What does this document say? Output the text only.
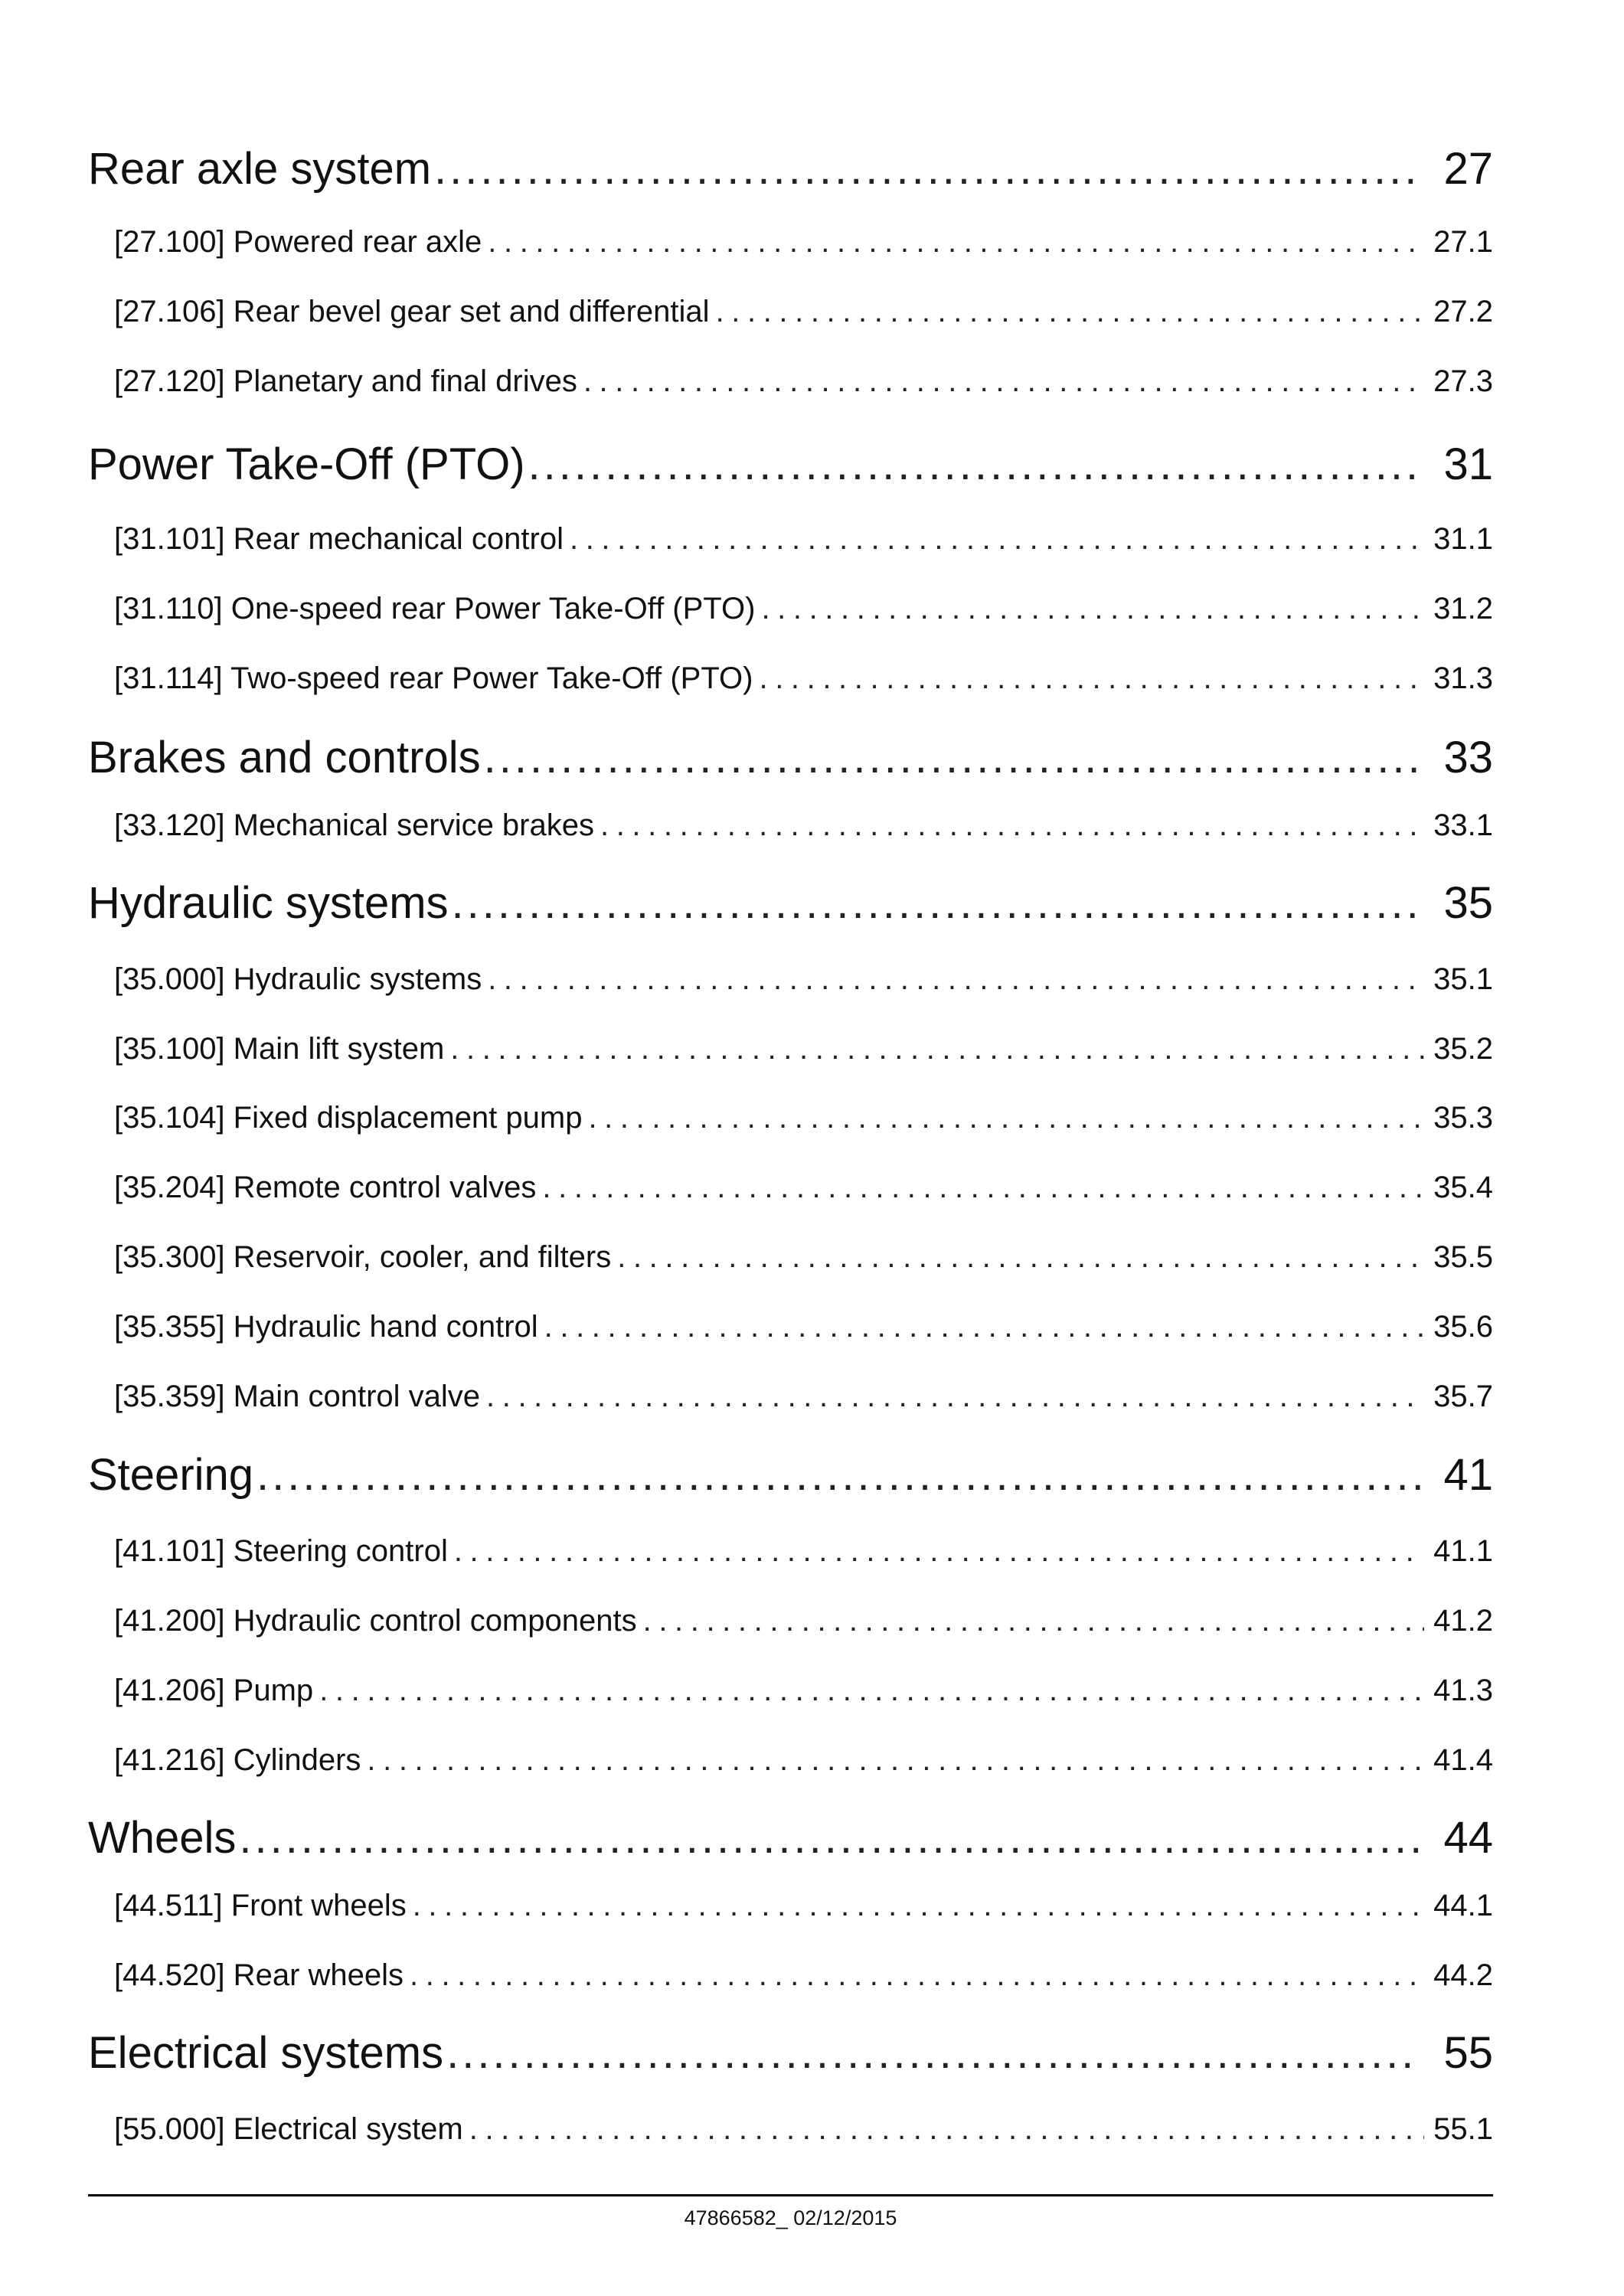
Rear axle system .....	27
[27.100] Powered rear axle .....	27.1
[27.106] Rear bevel gear set and differential .....	27.2
[27.120] Planetary and final drives .....	27.3
Power Take-Off (PTO) .....	31
[31.101] Rear mechanical control .....	31.1
[31.110] One-speed rear Power Take-Off (PTO) .....	31.2
[31.114] Two-speed rear Power Take-Off (PTO) .....	31.3
Brakes and controls .....	33
[33.120] Mechanical service brakes .....	33.1
Hydraulic systems .....	35
[35.000] Hydraulic systems .....	35.1
[35.100] Main lift system .....	35.2
[35.104] Fixed displacement pump .....	35.3
[35.204] Remote control valves .....	35.4
[35.300] Reservoir, cooler, and filters .....	35.5
[35.355] Hydraulic hand control .....	35.6
[35.359] Main control valve .....	35.7
Steering .....	41
[41.101] Steering control .....	41.1
[41.200] Hydraulic control components .....	41.2
[41.206] Pump .....	41.3
[41.216] Cylinders .....	41.4
Wheels .....	44
[44.511] Front wheels .....	44.1
[44.520] Rear wheels .....	44.2
Electrical systems .....	55
[55.000] Electrical system .....	55.1
47866582_ 02/12/2015
